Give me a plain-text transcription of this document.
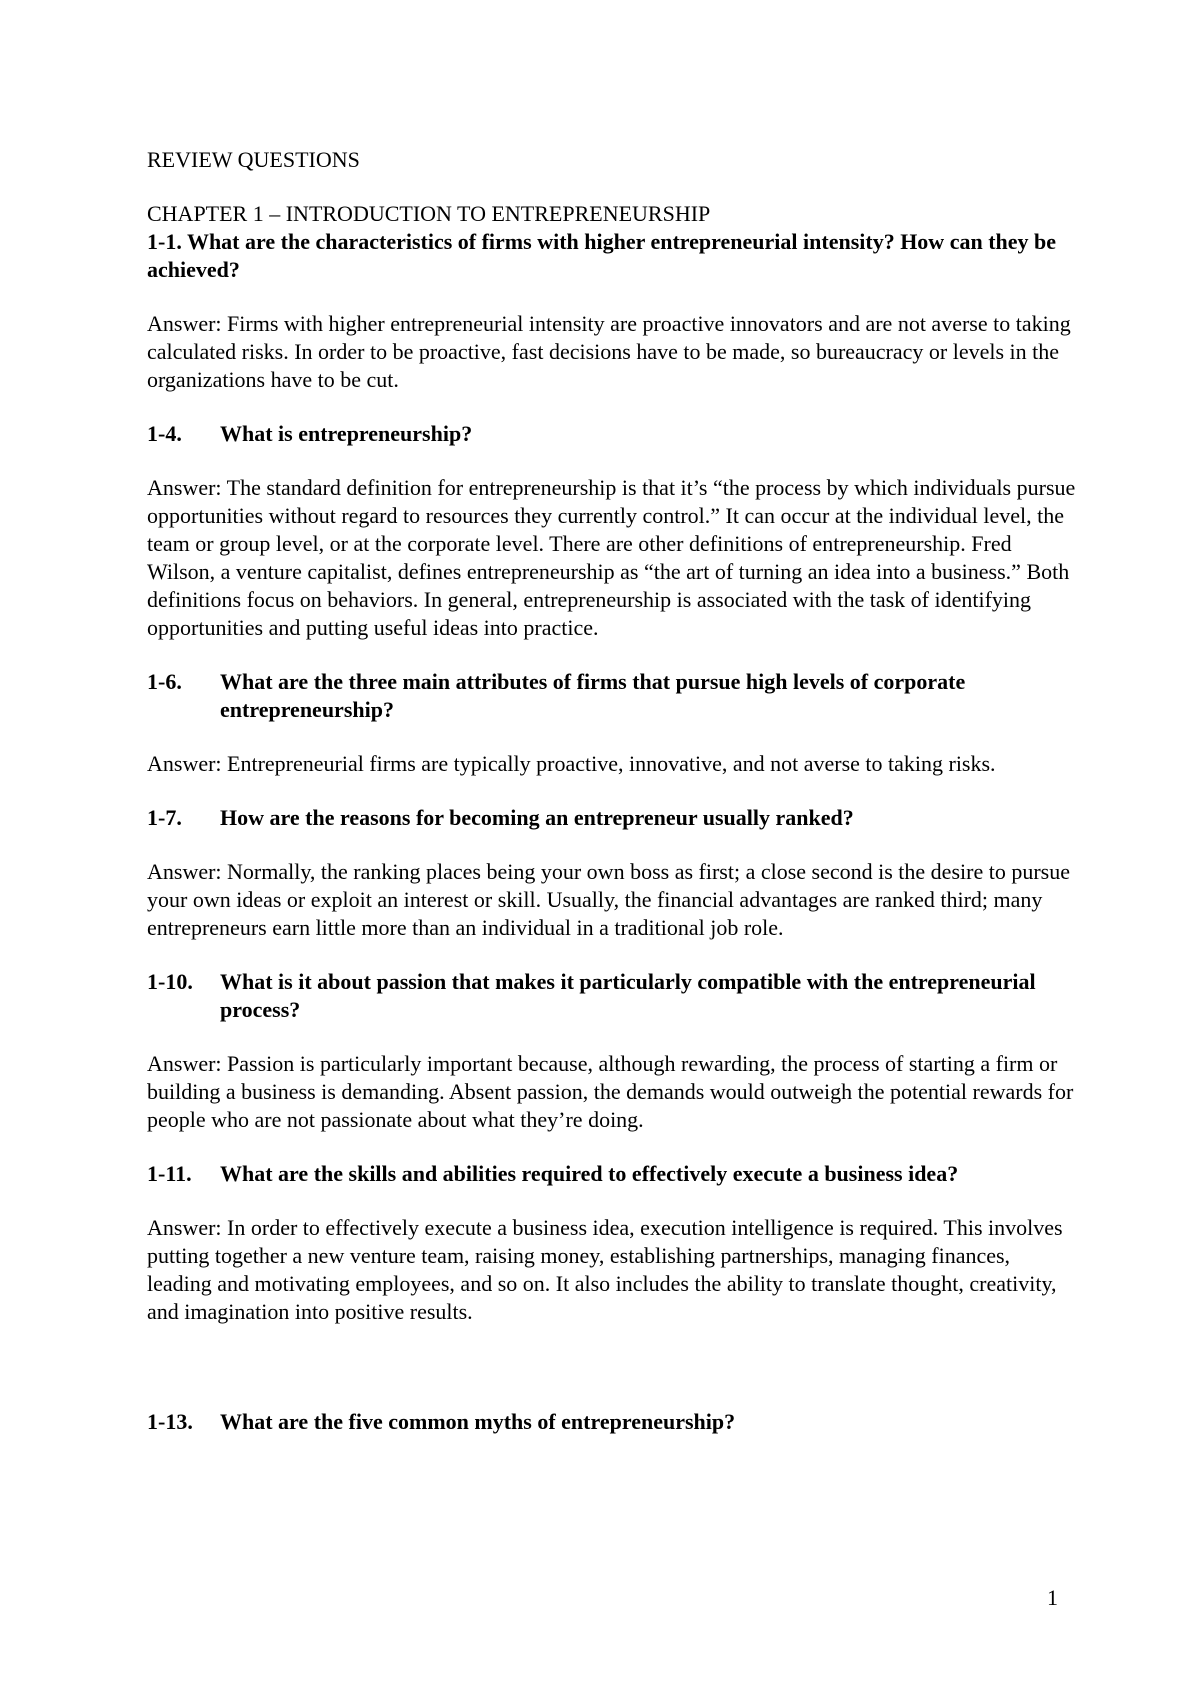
REVIEW QUESTIONS
CHAPTER 1 – INTRODUCTION TO ENTREPRENEURSHIP

1-1. What are the characteristics of firms with higher entrepreneurial intensity? How can they be achieved?

Answer: Firms with higher entrepreneurial intensity are proactive innovators and are not averse to taking calculated risks. In order to be proactive, fast decisions have to be made, so bureaucracy or levels in the organizations have to be cut.

1-4.	What is entrepreneurship?

Answer: The standard definition for entrepreneurship is that it’s “the process by which individuals pursue opportunities without regard to resources they currently control.” It can occur at the individual level, the team or group level, or at the corporate level. There are other definitions of entrepreneurship. Fred Wilson, a venture capitalist, defines entrepreneurship as “the art of turning an idea into a business.” Both definitions focus on behaviors. In general, entrepreneurship is associated with the task of identifying opportunities and putting useful ideas into practice.

1-6.	What are the three main attributes of firms that pursue high levels of corporate entrepreneurship?

Answer: Entrepreneurial firms are typically proactive, innovative, and not averse to taking risks.

1-7.	How are the reasons for becoming an entrepreneur usually ranked?

Answer: Normally, the ranking places being your own boss as first; a close second is the desire to pursue your own ideas or exploit an interest or skill. Usually, the financial advantages are ranked third; many entrepreneurs earn little more than an individual in a traditional job role.

1-10.	What is it about passion that makes it particularly compatible with the entrepreneurial process?

Answer: Passion is particularly important because, although rewarding, the process of starting a firm or building a business is demanding. Absent passion, the demands would outweigh the potential rewards for people who are not passionate about what they’re doing.

1-11.	What are the skills and abilities required to effectively execute a business idea?

Answer: In order to effectively execute a business idea, execution intelligence is required. This involves putting together a new venture team, raising money, establishing partnerships, managing finances, leading and motivating employees, and so on. It also includes the ability to translate thought, creativity, and imagination into positive results.

1-13.	What are the five common myths of entrepreneurship?

1
